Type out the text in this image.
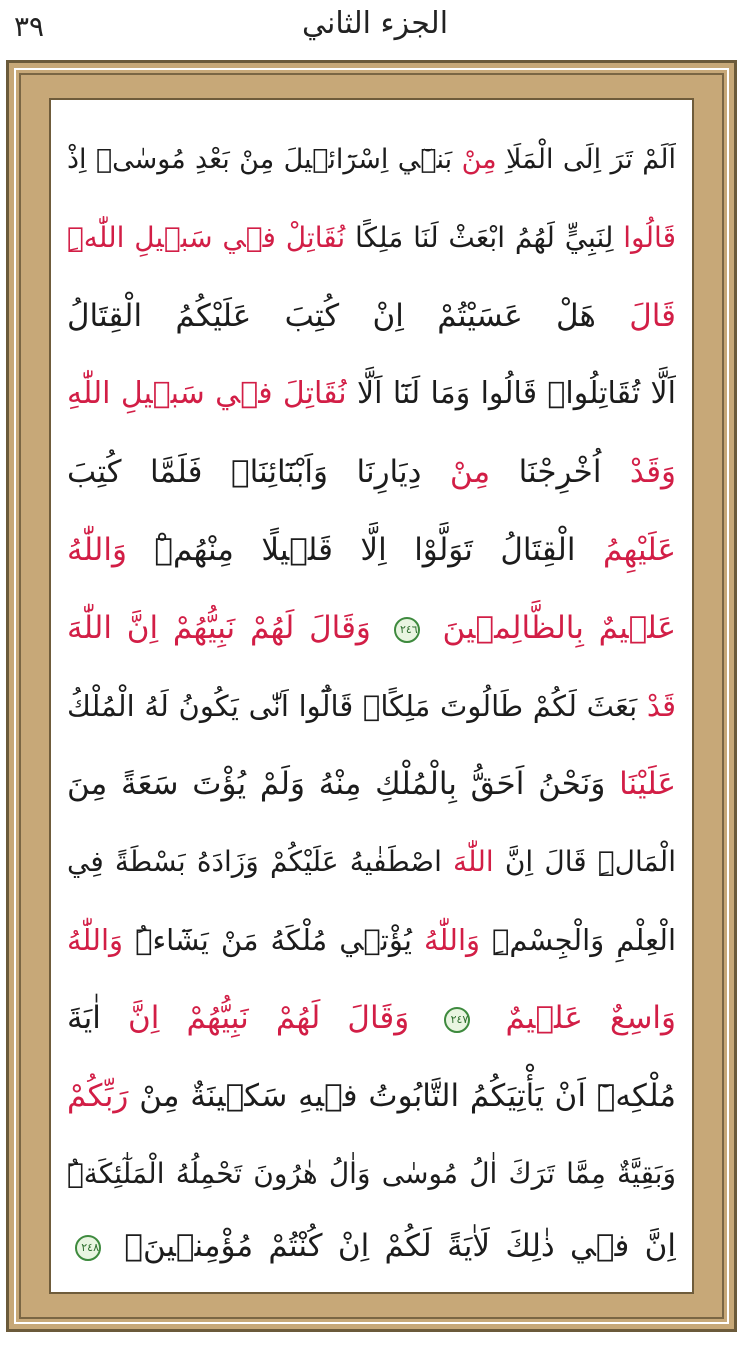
الجزء الثاني
٣٩
اَلَمْ تَرَ اِلَى الْمَلَاِ مِنْ بَن۪ٓي اِسْرَٓائ۪يلَ مِنْ بَعْدِ مُوسٰىۘ اِذْ
قَالُوا لِنَبِيٍّ لَهُمُ ابْعَثْ لَنَا مَلِكًا نُقَاتِلْ ف۪ي سَب۪يلِ اللّٰهِۜ
قَالَ هَلْ عَسَيْتُمْ اِنْ كُتِبَ عَلَيْكُمُ الْقِتَالُ
اَلَّا تُقَاتِلُواۜ قَالُوا وَمَا لَنَٓا اَلَّا نُقَاتِلَ ف۪ي سَب۪يلِ اللّٰهِ
وَقَدْ اُخْرِجْنَا مِنْ دِيَارِنَا وَاَبْنَٓائِنَاۜ فَلَمَّا كُتِبَ
عَلَيْهِمُ الْقِتَالُ تَوَلَّوْا اِلَّا قَل۪يلًا مِنْهُمْۜ وَاللّٰهُ
عَل۪يمٌ بِالظَّالِم۪ينَ ٢٤٦ وَقَالَ لَهُمْ نَبِيُّهُمْ اِنَّ اللّٰهَ
قَدْ بَعَثَ لَكُمْ طَالُوتَ مَلِكًاۜ قَالُٓوا اَنّٰى يَكُونُ لَهُ الْمُلْكُ
عَلَيْنَا وَنَحْنُ اَحَقُّ بِالْمُلْكِ مِنْهُ وَلَمْ يُؤْتَ سَعَةً مِنَ
الْمَالِۜ قَالَ اِنَّ اللّٰهَ اصْطَفٰيهُ عَلَيْكُمْ وَزَادَهُ بَسْطَةً فِي
الْعِلْمِ وَالْجِسْمِۜ وَاللّٰهُ يُؤْت۪ي مُلْكَهُ مَنْ يَشَٓاءُۜ وَاللّٰهُ
وَاسِعٌ عَل۪يمٌ ٢٤٧ وَقَالَ لَهُمْ نَبِيُّهُمْ اِنَّ اٰيَةَ
مُلْكِه۪ٓ اَنْ يَأْتِيَكُمُ التَّابُوتُ ف۪يهِ سَك۪ينَةٌ مِنْ رَبِّكُمْ
وَبَقِيَّةٌ مِمَّا تَرَكَ اٰلُ مُوسٰى وَاٰلُ هٰرُونَ تَحْمِلُهُ الْمَلٰٓئِكَةُۜ
اِنَّ ف۪ي ذٰلِكَ لَاٰيَةً لَكُمْ اِنْ كُنْتُمْ مُؤْمِن۪ينَ۟ ٢٤٨
